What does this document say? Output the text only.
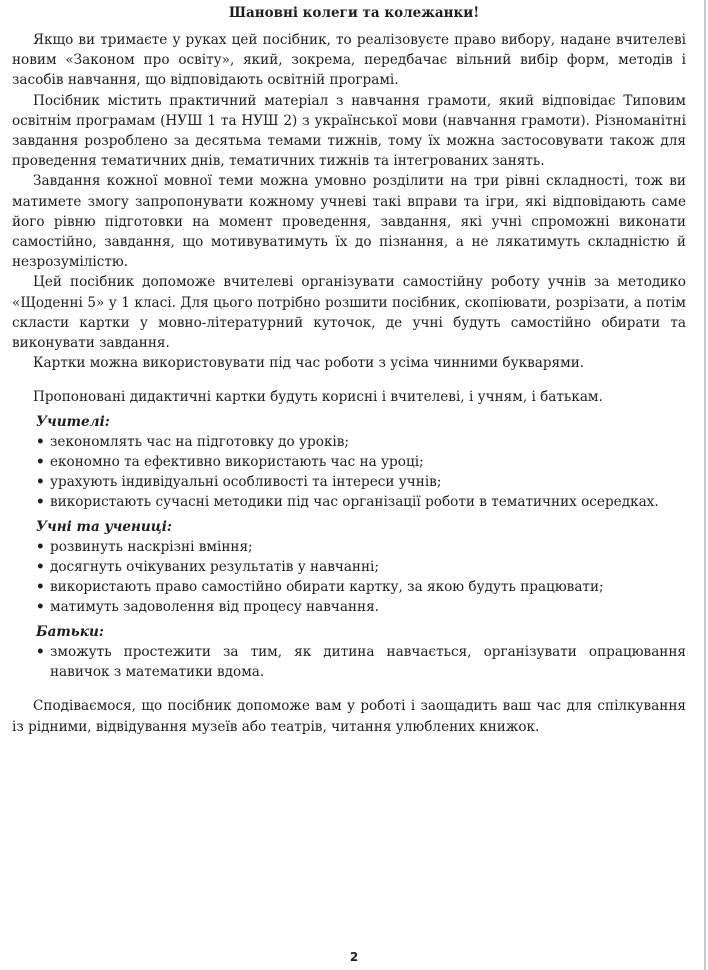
Шановні колеги та колежанки!

Якщо ви тримаєте у руках цей посібник, то реалізовуєте право вибору, надане вчителеві новим «Законом про освіту», який, зокрема, передбачає вільний вибір форм, методів і засобів навчання, що відповідають освітній програмі.

Посібник містить практичний матеріал з навчання грамоти, який відповідає Типовим освітнім програмам (НУШ 1 та НУШ 2) з української мови (навчання грамоти). Різноманітні завдання розроблено за десятьма темами тижнів, тому їх можна застосовувати також для проведення тематичних днів, тематичних тижнів та інтегрованих занять.

Завдання кожної мовної теми можна умовно розділити на три рівні складності, тож ви матимете змогу запропонувати кожному учневі такі вправи та ігри, які відповідають саме його рівню підготовки на момент проведення, завдання, які учні спроможні виконати самостійно, завдання, що мотивуватимуть їх до пізнання, а не лякатимуть складністю й незрозумілістю.

Цей посібник допоможе вчителеві організувати самостійну роботу учнів за методико «Щоденні 5» у 1 класі. Для цього потрібно розшити посібник, скопіювати, розрізати, а потім скласти картки у мовно-літературний куточок, де учні будуть самостійно обирати та виконувати завдання.

Картки можна використовувати під час роботи з усіма чинними букварями.

Пропоновані дидактичні картки будуть корисні і вчителеві, і учням, і батькам.

Учителі:
• зекономлять час на підготовку до уроків;
• економно та ефективно використають час на уроці;
• урахують індивідуальні особливості та інтереси учнів;
• використають сучасні методики під час організації роботи в тематичних осередках.
Учні та учениці:
• розвинуть наскрізні вміння;
• досягнуть очікуваних результатів у навчанні;
• використають право самостійно обирати картку, за якою будуть працювати;
• матимуть задоволення від процесу навчання.
Батьки:
• зможуть простежити за тим, як дитина навчається, організувати опрацювання навичок з математики вдома.

Сподіваємося, що посібник допоможе вам у роботі і заощадить ваш час для спілкування із рідними, відвідування музеїв або театрів, читання улюблених книжок.

2
